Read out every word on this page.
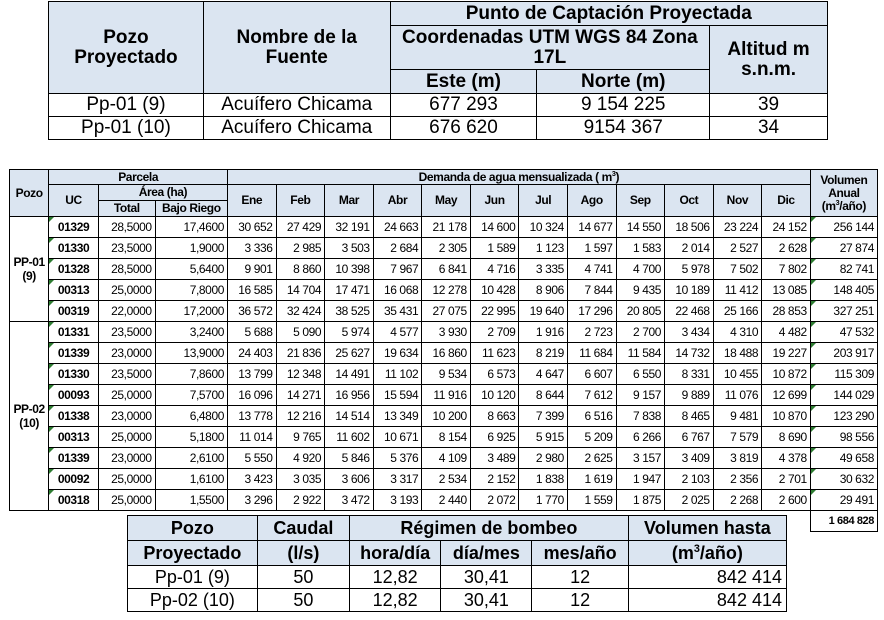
Pozo Proyectado	Nombre de la Fuente	Punto de Captación Proyectada		
		Coordenadas UTM WGS 84 Zona 17L		Altitud m s.n.m.
		Este (m)	Norte (m)	
Pp-01 (9)	Acuífero Chicama	677 293	9 154 225	39
Pp-01 (10)	Acuífero Chicama	676 620	9154 367	34
Pozo	Parcela			Demanda de agua mensualizada ( $m^3$)												Volumen Anual
$(m^3/año)$

	UC	Área (ha)		Ene	Feb	Mar	Abr	May	Jun	Jul	Ago	Sep	Oct	Nov	Dic	
		Total	Bajo Riego													

PP-01
(9)	01329	28,5000	17,4600	30 652	27 429	32 191	24 663	21 178	14 600	10 324	14 677	14 550	18 506	23 224	24 152	256 144
	01330	23,5000	1,9000	3 336	2 985	3 503	2 684	2 305	1 589	1 123	1 597	1 583	2 014	2 527	2 628	27 874
	01328	28,5000	5,6400	9 901	8 860	10 398	7 967	6 841	4 716	3 335	4 741	4 700	5 978	7 502	7 802	82 741
	00313	25,0000	7,8000	16 585	14 704	17 471	16 068	12 278	10 428	8 906	7 844	9 435	10 189	11 412	13 085	148 405
	00319	22,0000	17,2000	36 572	32 424	38 525	35 431	27 075	22 995	19 640	17 296	20 805	22 468	25 166	28 853	327 251

PP-02
(10)	01331	23,5000	3,2400	5 688	5 090	5 974	4 577	3 930	2 709	1 916	2 723	2 700	3 434	4 310	4 482	47 532
	01339	23,0000	13,9000	24 403	21 836	25 627	19 634	16 860	11 623	8 219	11 684	11 584	14 732	18 488	19 227	203 917
	01330	23,5000	7,8600	13 799	12 348	14 491	11 102	9 534	6 573	4 647	6 607	6 550	8 331	10 455	10 872	115 309
	00093	25,0000	7,5700	16 096	14 271	16 956	15 594	11 916	10 120	8 644	7 612	9 157	9 889	11 076	12 699	144 029
	01338	23,0000	6,4800	13 778	12 216	14 514	13 349	10 200	8 663	7 399	6 516	7 838	8 465	9 481	10 870	123 290
	00313	25,0000	5,1800	11 014	9 765	11 602	10 671	8 154	6 925	5 915	5 209	6 266	6 767	7 579	8 690	98 556
	01339	23,0000	2,6100	5 550	4 920	5 846	5 376	4 109	3 489	2 980	2 625	3 157	3 409	3 819	4 378	49 658
	00092	25,0000	1,6100	3 423	3 035	3 606	3 317	2 534	2 152	1 838	1 619	1 947	2 103	2 356	2 701	30 632
	00318	25,0000	1,5500	3 296	2 922	3 472	3 193	2 440	2 072	1 770	1 559	1 875	2 025	2 268	2 600	29 491
																1 684 828
Pozo	Caudal	Régimen de bombeo			Volumen hasta
Proyectado	(l/s)	hora/día	día/mes	mes/año	$(m^3/año)$
Pp-01 (9)	50	12,82	30,41	12	842 414
Pp-02 (10)	50	12,82	30,41	12	842 414
